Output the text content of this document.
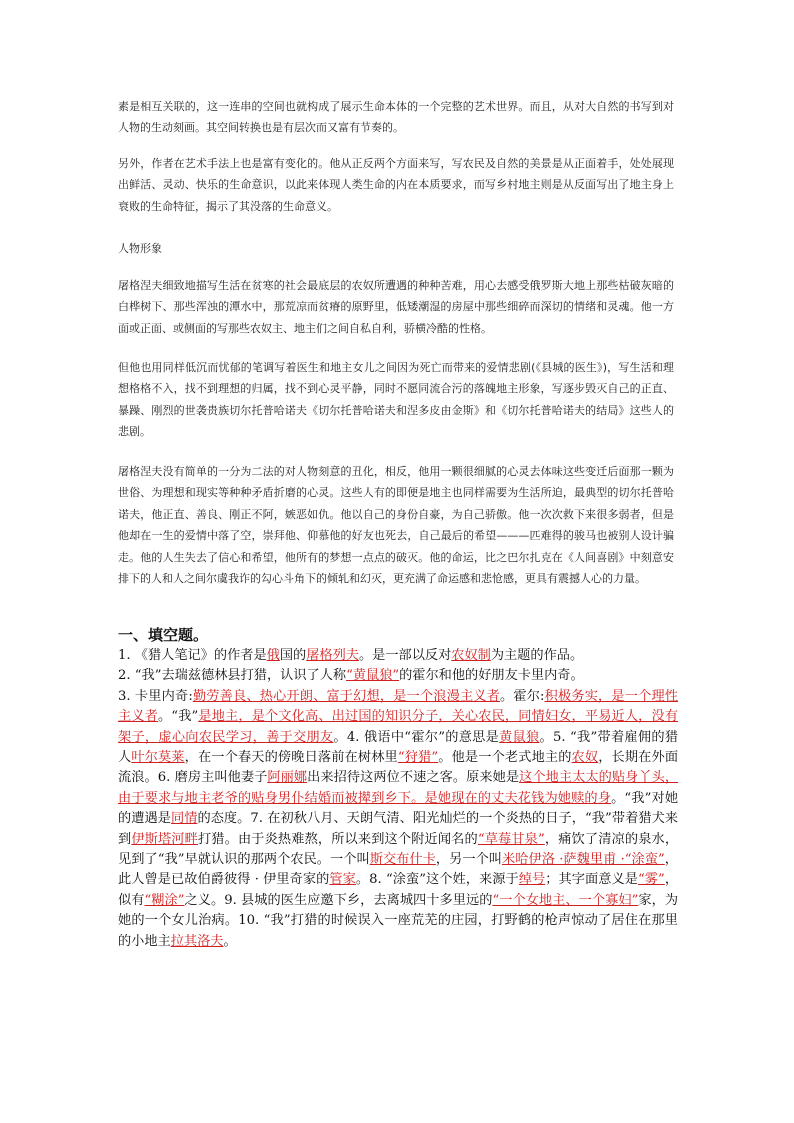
素是相互关联的，这一连串的空间也就构成了展示生命本体的一个完整的艺术世界。而且，从对大自然的书写到对人物的生动刻画。其空间转换也是有层次而又富有节奏的。

另外，作者在艺术手法上也是富有变化的。他从正反两个方面来写，写农民及自然的美景是从正面着手，处处展现出鲜活、灵动、快乐的生命意识，以此来体现人类生命的内在本质要求，而写乡村地主则是从反面写出了地主身上衰败的生命特征，揭示了其没落的生命意义。

人物形象

屠格涅夫细致地描写生活在贫寒的社会最底层的农奴所遭遇的种种苦难，用心去感受俄罗斯大地上那些枯破灰暗的白桦树下、那些浑浊的潭水中，那荒凉而贫瘠的原野里，低矮潮湿的房屋中那些细碎而深切的情绪和灵魂。他一方面或正面、或侧面的写那些农奴主、地主们之间自私自利，骄横冷酷的性格。

但他也用同样低沉而忧郁的笔调写着医生和地主女儿之间因为死亡而带来的爱情悲剧(《县城的医生》)，写生活和理想格格不入，找不到理想的归属，找不到心灵平静，同时不愿同流合污的落魄地主形象，写逐步毁灭自己的正直、暴躁、刚烈的世袭贵族切尔托普哈诺夫《切尔托普哈诺夫和涅多皮由金斯》和《切尔托普哈诺夫的结局》这些人的悲剧。

屠格涅夫没有简单的一分为二法的对人物刻意的丑化，相反，他用一颗很细腻的心灵去体味这些变迁后面那一颗为世俗、为理想和现实等种种矛盾折磨的心灵。这些人有的即便是地主也同样需要为生活所迫，最典型的切尔托普哈诺夫，他正直、善良、刚正不阿，嫉恶如仇。他以自己的身份自豪，为自己骄傲。他一次次救下来很多弱者，但是他却在一生的爱情中落了空，崇拜他、仰慕他的好友也死去，自己最后的希望———匹难得的骏马也被别人设计骗走。他的人生失去了信心和希望，他所有的梦想一点点的破灭。他的命运，比之巴尔扎克在《人间喜剧》中刻意安排下的人和人之间尔虞我诈的勾心斗角下的倾轧和幻灭，更充满了命运感和悲怆感，更具有震撼人心的力量。

一、填空题。

1. 《猎人笔记》的作者是俄国的屠格列夫。是一部以反对农奴制为主题的作品。

2. “我”去瑞兹德林县打猎，认识了人称“黄鼠狼”的霍尔和他的好朋友卡里内奇。

3. 卡里内奇:勤劳善良、热心开朗、富于幻想，是一个浪漫主义者。霍尔:积极务实，是一个理性主义者。“我”是地主，是个文化高、出过国的知识分子，关心农民，同情妇女，平易近人，没有架子，虚心向农民学习，善于交朋友。4. 俄语中“霍尔”的意思是黄鼠狼。5. “我”带着雇佣的猎人叶尔莫莱，在一个春天的傍晚日落前在树林里“狩猎”。他是一个老式地主的农奴，长期在外面流浪。6. 磨房主叫他妻子阿丽娜出来招待这两位不速之客。原来她是这个地主太太的贴身丫头，由于要求与地主老爷的贴身男仆结婚而被撵到乡下。是她现在的丈夫花钱为她赎的身。“我”对她的遭遇是同情的态度。7. 在初秋八月、天朗气清、阳光灿烂的一个炎热的日子，“我”带着猎犬来到伊斯塔河畔打猎。由于炎热难熬，所以来到这个附近闻名的“草莓甘泉”，痛饮了清凉的泉水，见到了“我”早就认识的那两个农民。一个叫斯交布什卡，另一个叫米哈伊洛 ·萨魏里甫 ·“涂蛮”，此人曾是已故伯爵彼得 · 伊里奇家的管家。8. “涂蛮”这个姓，来源于绰号；其字面意义是“雾”，似有“糊涂”之义。9. 县城的医生应邀下乡，去离城四十多里远的“一个女地主、一个寡妇”家，为她的一个女儿治病。10. “我”打猎的时候误入一座荒芜的庄园，打野鹤的枪声惊动了居住在那里的小地主拉其洛夫。
